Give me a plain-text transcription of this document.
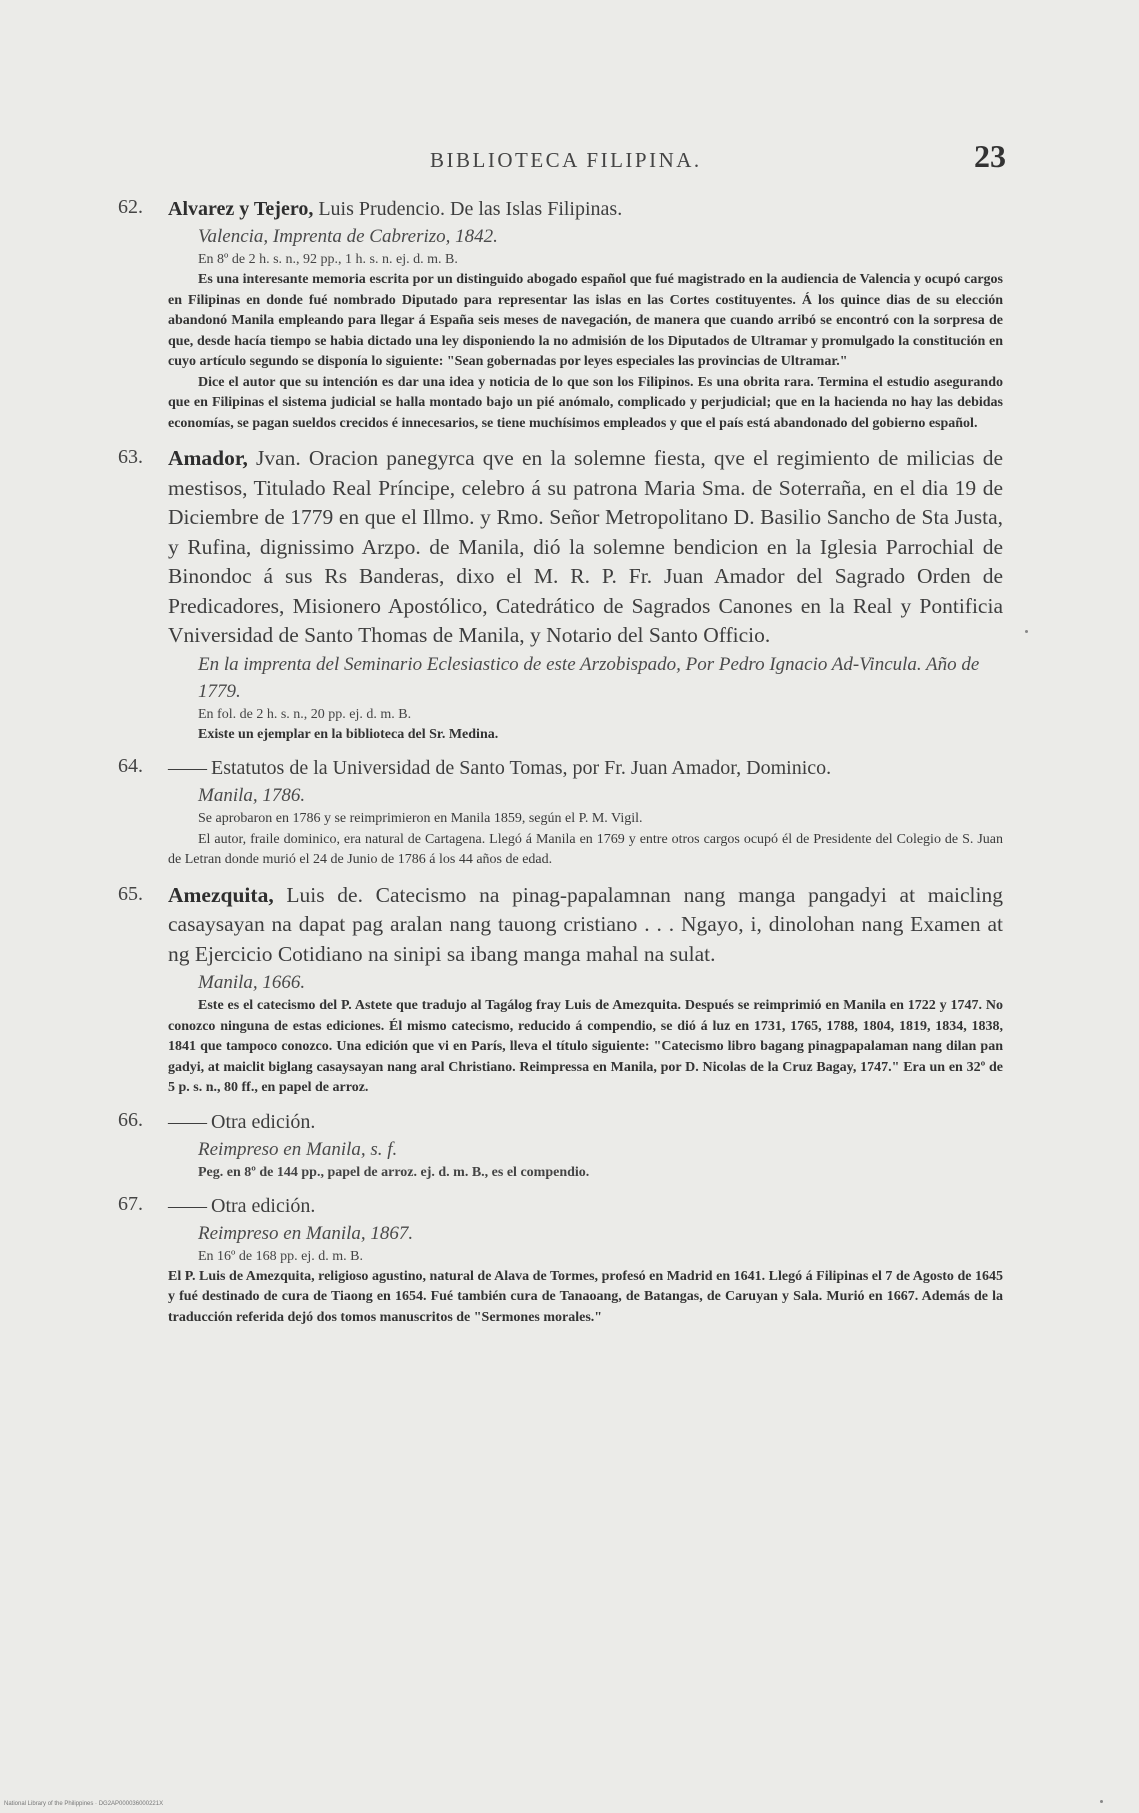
BIBLIOTECA FILIPINA.	23
62. Alvarez y Tejero, Luis Prudencio. De las Islas Filipinas.
Valencia, Imprenta de Cabrerizo, 1842.
En 8º de 2 h. s. n., 92 pp., 1 h. s. n. ej. d. m. B.
Es una interesante memoria escrita por un distinguido abogado español que fué magistrado en la audiencia de Valencia y ocupó cargos en Filipinas en donde fué nombrado Diputado para representar las islas en las Cortes costituyentes. Á los quince dias de su elección abandonó Manila empleando para llegar á España seis meses de navegación, de manera que cuando arribó se encontró con la sorpresa de que, desde hacía tiempo se habia dictado una ley disponiendo la no admisión de los Diputados de Ultramar y promulgado la constitución en cuyo artículo segundo se disponía lo siguiente: "Sean gobernadas por leyes especiales las provincias de Ultramar."
Dice el autor que su intención es dar una idea y noticia de lo que son los Filipinos. Es una obrita rara. Termina el estudio asegurando que en Filipinas el sistema judicial se halla montado bajo un pié anómalo, complicado y perjudicial; que en la hacienda no hay las debidas economías, se pagan sueldos crecidos é innecesarios, se tiene muchísimos empleados y que el país está abandonado del gobierno español.
63. Amador, Jvan. Oracion panegyrca qve en la solemne fiesta, qve el regimiento de milicias de mestisos, Titulado Real Príncipe, celebro á su patrona Maria Sma. de Soterraña, en el dia 19 de Diciembre de 1779 en que el Illmo. y Rmo. Señor Metropolitano D. Basilio Sancho de Sta Justa, y Rufina, dignissimo Arzpo. de Manila, dió la solemne bendicion en la Iglesia Parrochial de Binondoc á sus Rs Banderas, dixo el M. R. P. Fr. Juan Amador del Sagrado Orden de Predicadores, Misionero Apostólico, Catedrático de Sagrados Canones en la Real y Pontificia Vniversidad de Santo Thomas de Manila, y Notario del Santo Officio.
En la imprenta del Seminario Eclesiastico de este Arzobispado, Por Pedro Ignacio Ad-Vincula. Año de 1779.
En fol. de 2 h. s. n., 20 pp. ej. d. m. B.
Existe un ejemplar en la biblioteca del Sr. Medina.
64. —— Estatutos de la Universidad de Santo Tomas, por Fr. Juan Amador, Dominico.
Manila, 1786.
Se aprobaron en 1786 y se reimprimieron en Manila 1859, según el P. M. Vigil.
El autor, fraile dominico, era natural de Cartagena. Llegó á Manila en 1769 y entre otros cargos ocupó él de Presidente del Colegio de S. Juan de Letran donde murió el 24 de Junio de 1786 á los 44 años de edad.
65. Amezquita, Luis de. Catecismo na pinag-papalamnan nang manga pangadyi at maicling casaysayan na dapat pag aralan nang tauong cristiano . . . Ngayo, i, dinolohan nang Examen at ng Ejercicio Cotidiano na sinipi sa ibang manga mahal na sulat.
Manila, 1666.
Este es el catecismo del P. Astete que tradujo al Tagálog fray Luis de Amezquita. Después se reimprimió en Manila en 1722 y 1747. No conozco ninguna de estas ediciones. Él mismo catecismo, reducido á compendio, se dió á luz en 1731, 1765, 1788, 1804, 1819, 1834, 1838, 1841 que tampoco conozco. Una edición que vi en París, lleva el título siguiente: "Catecismo libro bagang pinagpapalaman nang dilan pan gadyi, at maiclit biglang casaysayan nang aral Christiano. Reimpressa en Manila, por D. Nicolas de la Cruz Bagay, 1747." Era un en 32º de 5 p. s. n., 80 ff., en papel de arroz.
66. —— Otra edición.
Reimpreso en Manila, s. f.
Peg. en 8º de 144 pp., papel de arroz. ej. d. m. B., es el compendio.
67. —— Otra edición.
Reimpreso en Manila, 1867.
En 16º de 168 pp. ej. d. m. B.
El P. Luis de Amezquita, religioso agustino, natural de Alava de Tormes, profesó en Madrid en 1641. Llegó á Filipinas el 7 de Agosto de 1645 y fué destinado de cura de Tiaong en 1654. Fué también cura de Tanaoang, de Batangas, de Caruyan y Sala. Murió en 1667. Además de la traducción referida dejó dos tomos manuscritos de "Sermones morales."
National Library of the Philippines · DG2AP000036000221X
